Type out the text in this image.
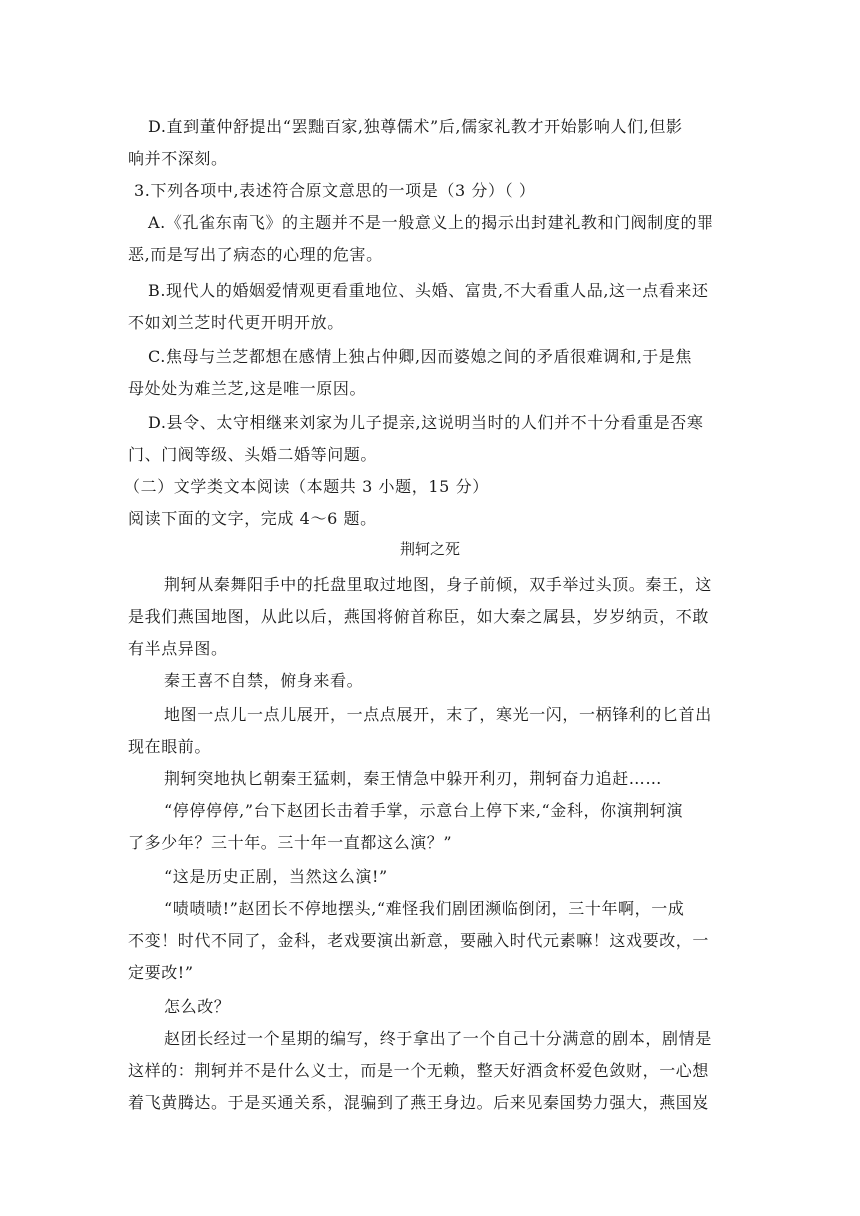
D.直到董仲舒提出“罢黜百家,独尊儒术”后,儒家礼教才开始影响人们,但影
响并不深刻。
3.下列各项中,表述符合原文意思的一项是（3 分）（ ）
A.《孔雀东南飞》的主题并不是一般意义上的揭示出封建礼教和门阀制度的罪
恶,而是写出了病态的心理的危害。
B.现代人的婚姻爱情观更看重地位、头婚、富贵,不大看重人品,这一点看来还
不如刘兰芝时代更开明开放。
C.焦母与兰芝都想在感情上独占仲卿,因而婆媳之间的矛盾很难调和,于是焦
母处处为难兰芝,这是唯一原因。
D.县令、太守相继来刘家为儿子提亲,这说明当时的人们并不十分看重是否寒
门、门阀等级、头婚二婚等问题。
（二）文学类文本阅读（本题共 3 小题，15 分）
阅读下面的文字，完成 4～6 题。
荆轲之死
荆轲从秦舞阳手中的托盘里取过地图，身子前倾，双手举过头顶。秦王，这
是我们燕国地图，从此以后，燕国将俯首称臣，如大秦之属县，岁岁纳贡，不敢
有半点异图。
秦王喜不自禁，俯身来看。
地图一点儿一点儿展开，一点点展开，末了，寒光一闪，一柄锋利的匕首出
现在眼前。
荆轲突地执匕朝秦王猛刺，秦王情急中躲开利刃，荆轲奋力追赶……
“停停停停,”台下赵团长击着手掌，示意台上停下来,“金科，你演荆轲演
了多少年？三十年。三十年一直都这么演？”
“这是历史正剧，当然这么演!”
“啧啧啧!”赵团长不停地摆头,“难怪我们剧团濒临倒闭，三十年啊，一成
不变！时代不同了，金科，老戏要演出新意，要融入时代元素嘛！这戏要改，一
定要改!”
怎么改？
赵团长经过一个星期的编写，终于拿出了一个自己十分满意的剧本，剧情是
这样的：荆轲并不是什么义士，而是一个无赖，整天好酒贪杯爱色敛财，一心想
着飞黄腾达。于是买通关系，混骗到了燕王身边。后来见秦国势力强大，燕国岌
